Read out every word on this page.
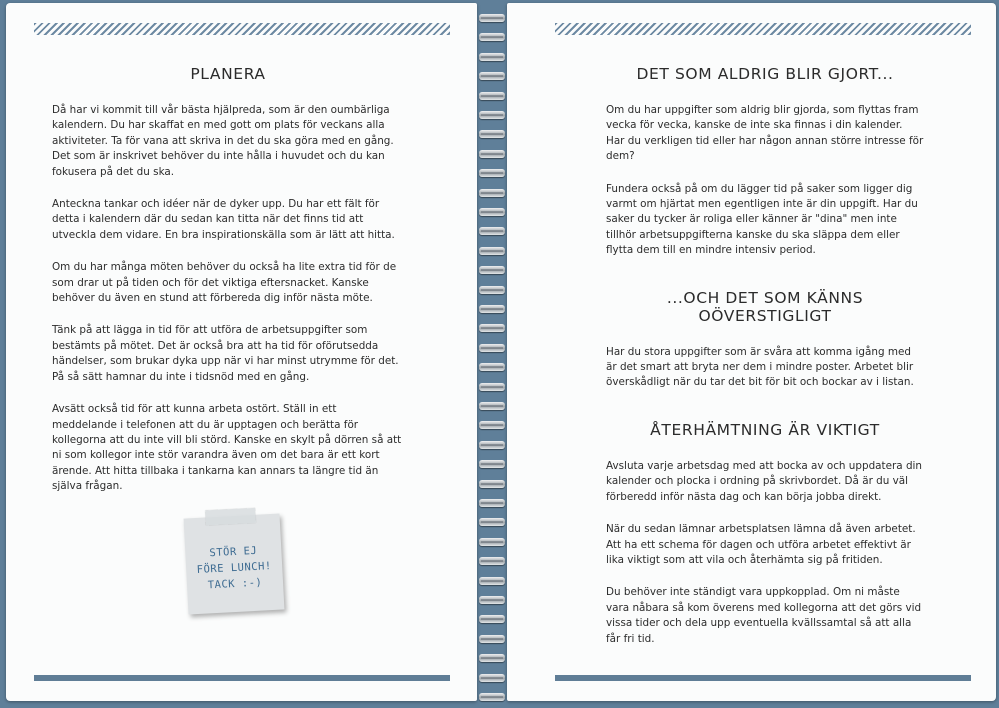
PLANERA

Då har vi kommit till vår bästa hjälpreda, som är den oumbärliga kalendern. Du har skaffat en med gott om plats för veckans alla aktiviteter. Ta för vana att skriva in det du ska göra med en gång. Det som är inskrivet behöver du inte hålla i huvudet och du kan fokusera på det du ska.

Anteckna tankar och idéer när de dyker upp. Du har ett fält för detta i kalendern där du sedan kan titta när det finns tid att utveckla dem vidare. En bra inspirationskälla som är lätt att hitta.

Om du har många möten behöver du också ha lite extra tid för de som drar ut på tiden och för det viktiga eftersnacket. Kanske behöver du även en stund att förbereda dig inför nästa möte.

Tänk på att lägga in tid för att utföra de arbetsuppgifter som bestämts på mötet. Det är också bra att ha tid för oförutsedda händelser, som brukar dyka upp när vi har minst utrymme för det. På så sätt hamnar du inte i tidsnöd med en gång.

Avsätt också tid för att kunna arbeta ostört. Ställ in ett meddelande i telefonen att du är upptagen och berätta för kollegorna att du inte vill bli störd. Kanske en skylt på dörren så att ni som kollegor inte stör varandra även om det bara är ett kort ärende. Att hitta tillbaka i tankarna kan annars ta längre tid än själva frågan.

STÖR EJ
FÖRE LUNCH!
TACK :-)
DET SOM ALDRIG BLIR GJORT...

Om du har uppgifter som aldrig blir gjorda, som flyttas fram vecka för vecka, kanske de inte ska finnas i din kalender. Har du verkligen tid eller har någon annan större intresse för dem?

Fundera också på om du lägger tid på saker som ligger dig varmt om hjärtat men egentligen inte är din uppgift. Har du saker du tycker är roliga eller känner är "dina" men inte tillhör arbetsuppgifterna kanske du ska släppa dem eller flytta dem till en mindre intensiv period.

...OCH DET SOM KÄNNS OÖVERSTIGLIGT

Har du stora uppgifter som är svåra att komma igång med är det smart att bryta ner dem i mindre poster. Arbetet blir överskådligt när du tar det bit för bit och bockar av i listan.

ÅTERHÄMTNING ÄR VIKTIGT

Avsluta varje arbetsdag med att bocka av och uppdatera din kalender och plocka i ordning på skrivbordet. Då är du väl förberedd inför nästa dag och kan börja jobba direkt.

När du sedan lämnar arbetsplatsen lämna då även arbetet. Att ha ett schema för dagen och utföra arbetet effektivt är lika viktigt som att vila och återhämta sig på fritiden.

Du behöver inte ständigt vara uppkopplad. Om ni måste vara nåbara så kom överens med kollegorna att det görs vid vissa tider och dela upp eventuella kvällssamtal så att alla får fri tid.
